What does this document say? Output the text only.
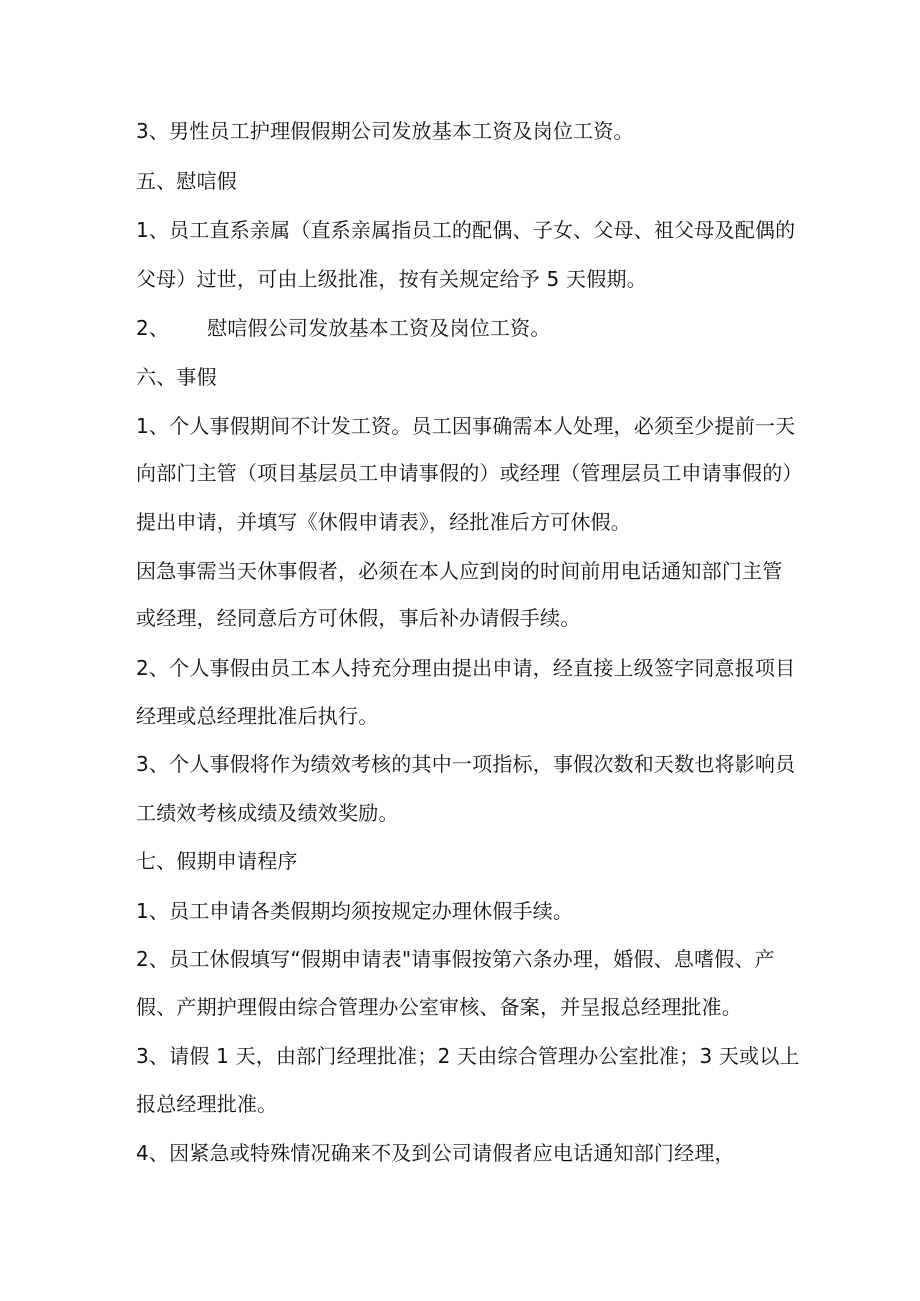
3、男性员工护理假假期公司发放基本工资及岗位工资。
五、慰唁假
1、员工直系亲属（直系亲属指员工的配偶、子女、父母、祖父母及配偶的
父母）过世，可由上级批准，按有关规定给予 5 天假期。
2、 慰唁假公司发放基本工资及岗位工资。
六、事假
1、个人事假期间不计发工资。员工因事确需本人处理，必须至少提前一天
向部门主管（项目基层员工申请事假的）或经理（管理层员工申请事假的）
提出申请，并填写《休假申请表》，经批准后方可休假。
因急事需当天休事假者，必须在本人应到岗的时间前用电话通知部门主管
或经理，经同意后方可休假，事后补办请假手续。
2、个人事假由员工本人持充分理由提出申请，经直接上级签字同意报项目
经理或总经理批准后执行。
3、个人事假将作为绩效考核的其中一项指标，事假次数和天数也将影响员
工绩效考核成绩及绩效奖励。
七、假期申请程序
1、员工申请各类假期均须按规定办理休假手续。
2、员工休假填写“假期申请表"请事假按第六条办理，婚假、息嗜假、产
假、产期护理假由综合管理办公室审核、备案，并呈报总经理批准。
3、请假 1 天，由部门经理批准；2 天由综合管理办公室批准；3 天或以上
报总经理批准。
4、因紧急或特殊情况确来不及到公司请假者应电话通知部门经理，
